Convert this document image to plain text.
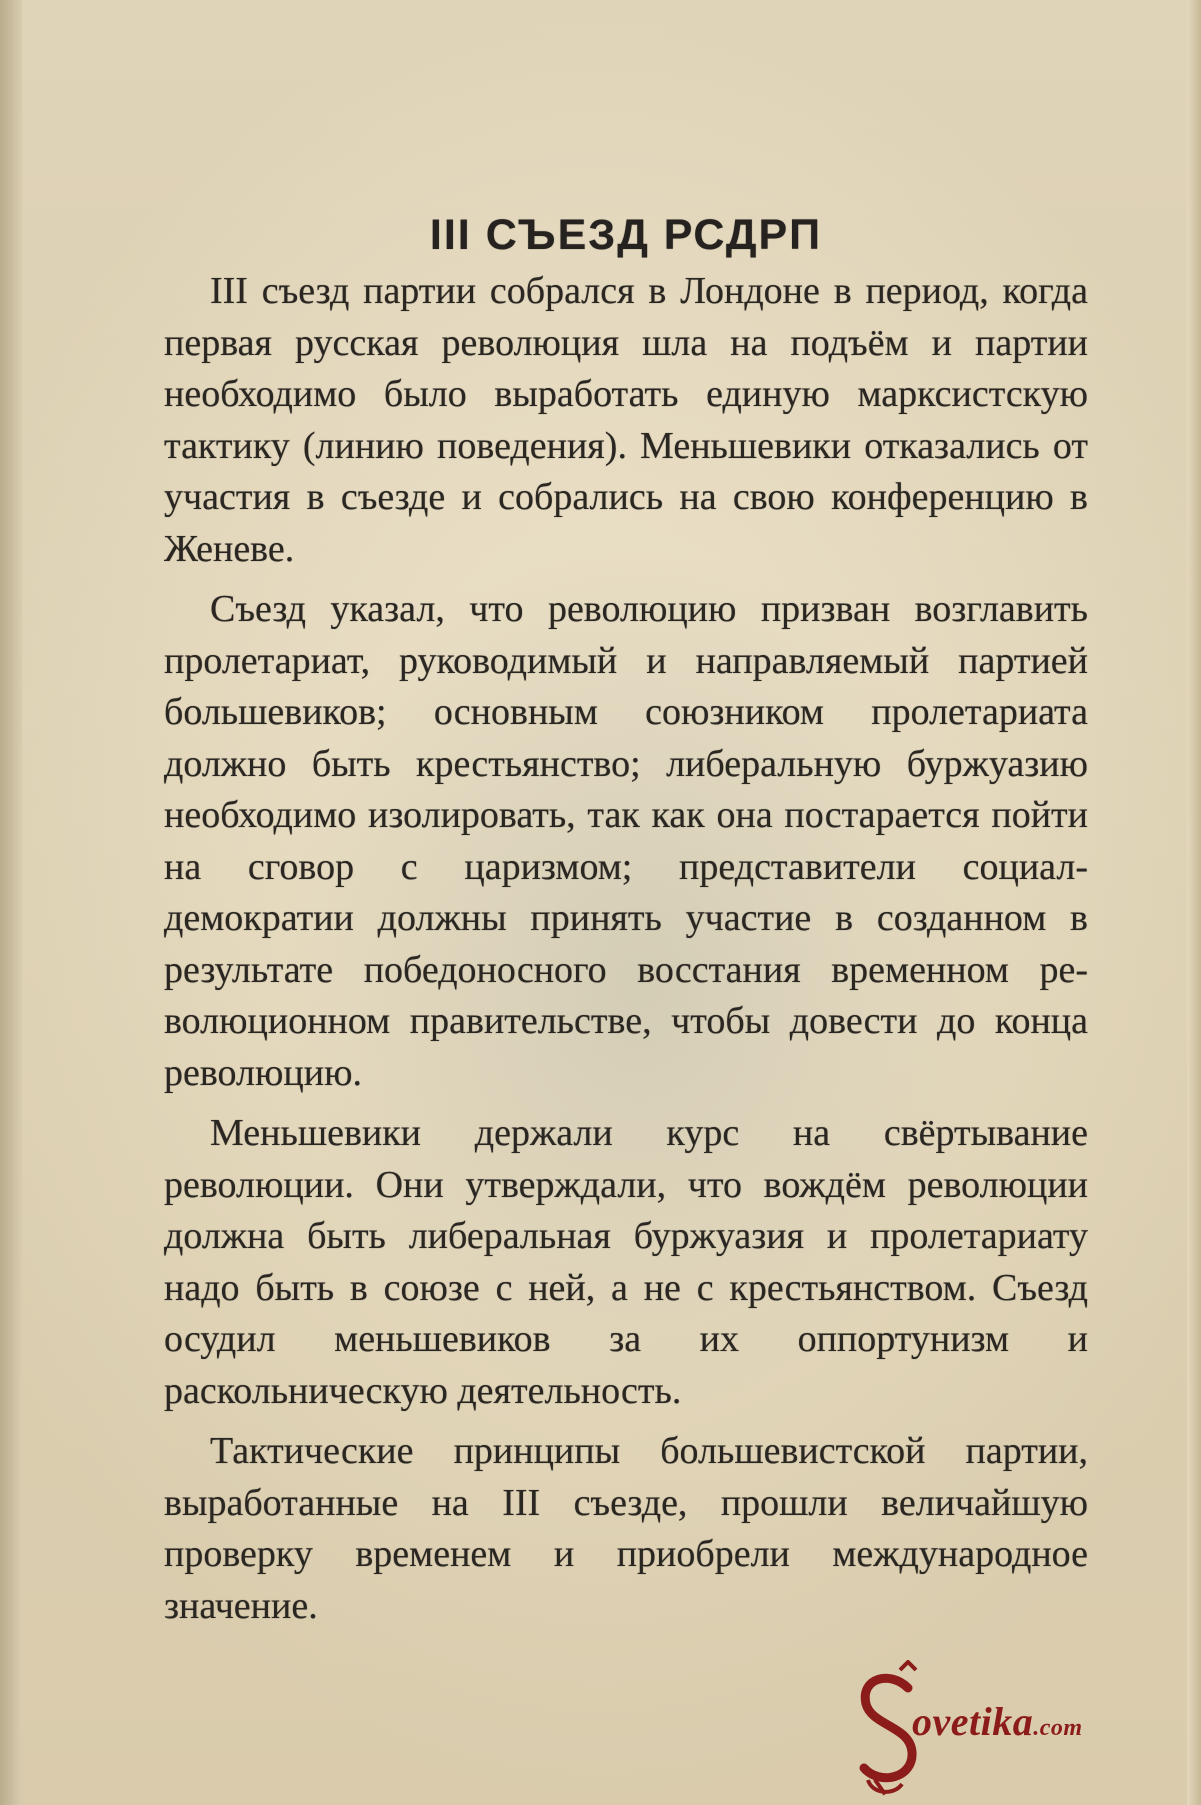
III СЪЕЗД РСДРП

III съезд партии собрался в Лондоне в период, когда первая русская революция шла на подъём и партии необходимо было выработать единую марксистскую тактику (линию поведения). Меньшевики отказались от участия в съезде и собрались на свою конференцию в Женеве.

Съезд указал, что революцию призван возглавить пролетариат, руководимый и направляемый партией большевиков; основным союзником пролетариата должно быть крестьянство; либеральную буржуазию необходимо изолировать, так как она постарается пойти на сговор с царизмом; представители социал-демократии должны принять участие в созданном в результате победоносного восстания временном революционном правительстве, чтобы довести до конца революцию.

Меньшевики держали курс на свёртывание революции. Они утверждали, что вождём революции должна быть либеральная буржуазия и пролетариату надо быть в союзе с ней, а не с крестьянством. Съезд осудил меньшевиков за их оппортунизм и раскольническую деятельность.

Тактические принципы большевистской партии, выработанные на III съезде, прошли величайшую проверку временем и приобрели международное значение.

ovetika.com
